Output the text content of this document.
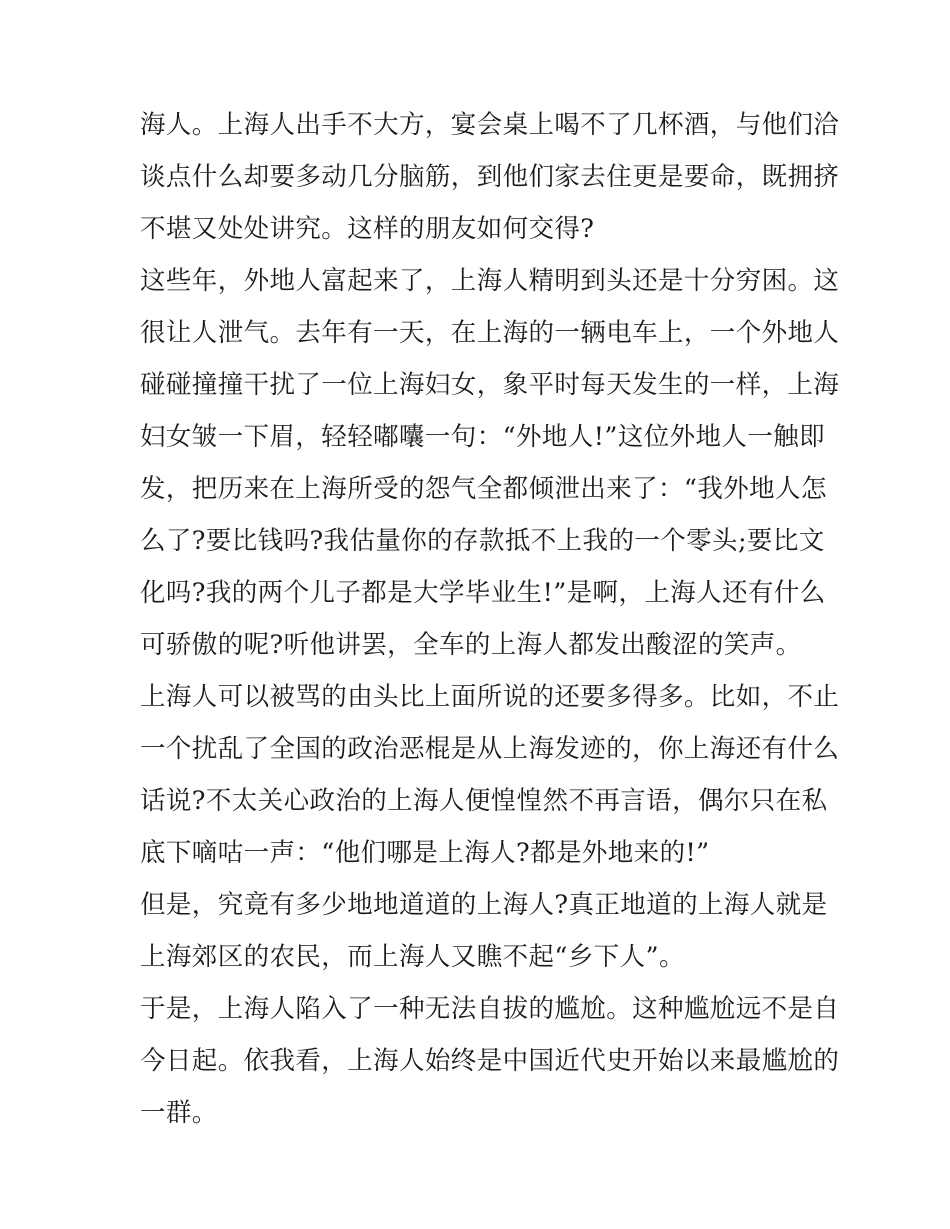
海人。上海人出手不大方，宴会桌上喝不了几杯酒，与他们洽
谈点什么却要多动几分脑筋，到他们家去住更是要命，既拥挤
不堪又处处讲究。这样的朋友如何交得?
这些年，外地人富起来了，上海人精明到头还是十分穷困。这
很让人泄气。去年有一天，在上海的一辆电车上，一个外地人
碰碰撞撞干扰了一位上海妇女，象平时每天发生的一样，上海
妇女皱一下眉，轻轻嘟囔一句：“外地人!”这位外地人一触即
发，把历来在上海所受的怨气全都倾泄出来了：“我外地人怎
么了?要比钱吗?我估量你的存款抵不上我的一个零头;要比文
化吗?我的两个儿子都是大学毕业生!”是啊，上海人还有什么
可骄傲的呢?听他讲罢，全车的上海人都发出酸涩的笑声。
上海人可以被骂的由头比上面所说的还要多得多。比如，不止
一个扰乱了全国的政治恶棍是从上海发迹的，你上海还有什么
话说?不太关心政治的上海人便惶惶然不再言语，偶尔只在私
底下嘀咕一声：“他们哪是上海人?都是外地来的!”
但是，究竟有多少地地道道的上海人?真正地道的上海人就是
上海郊区的农民，而上海人又瞧不起“乡下人”。
于是，上海人陷入了一种无法自拔的尴尬。这种尴尬远不是自
今日起。依我看，上海人始终是中国近代史开始以来最尴尬的
一群。
